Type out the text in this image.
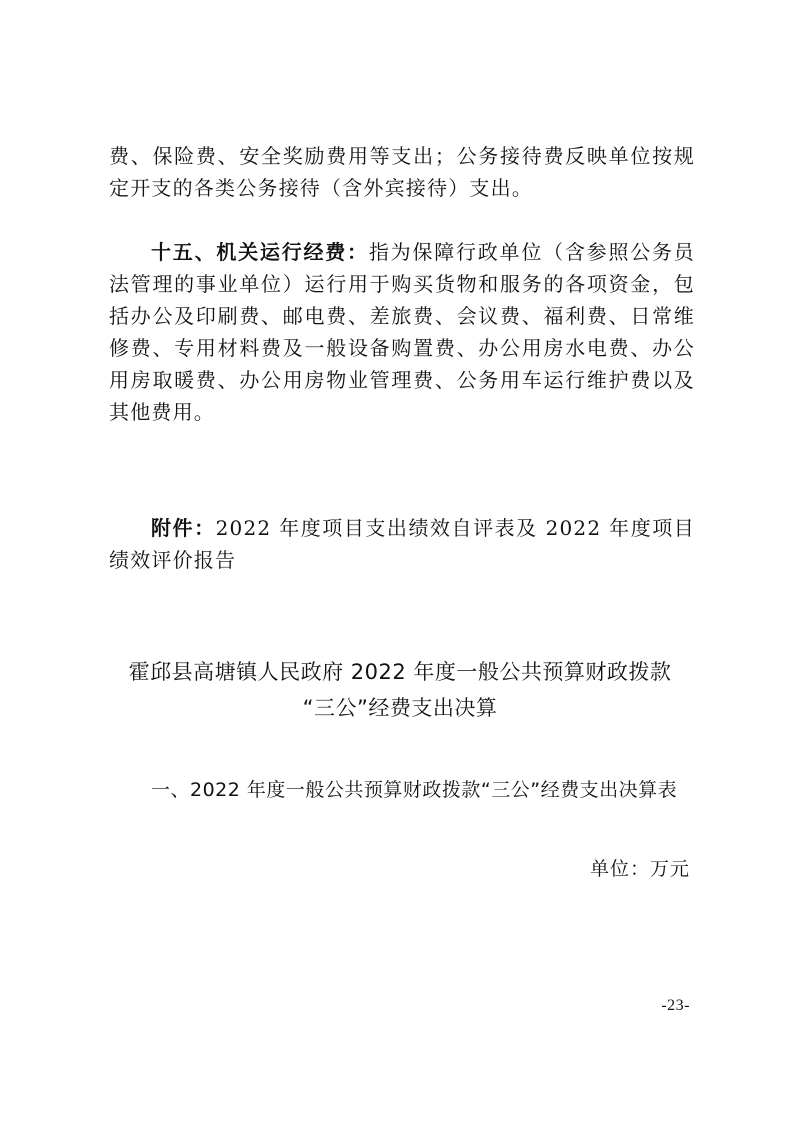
费、保险费、安全奖励费用等支出；公务接待费反映单位按规定开支的各类公务接待（含外宾接待）支出。

十五、机关运行经费：指为保障行政单位（含参照公务员法管理的事业单位）运行用于购买货物和服务的各项资金，包括办公及印刷费、邮电费、差旅费、会议费、福利费、日常维修费、专用材料费及一般设备购置费、办公用房水电费、办公用房取暖费、办公用房物业管理费、公务用车运行维护费以及其他费用。

附件：2022 年度项目支出绩效自评表及 2022 年度项目绩效评价报告

霍邱县高塘镇人民政府 2022 年度一般公共预算财政拨款
“三公”经费支出决算
一、2022 年度一般公共预算财政拨款“三公”经费支出决算表
单位：万元
-23-
